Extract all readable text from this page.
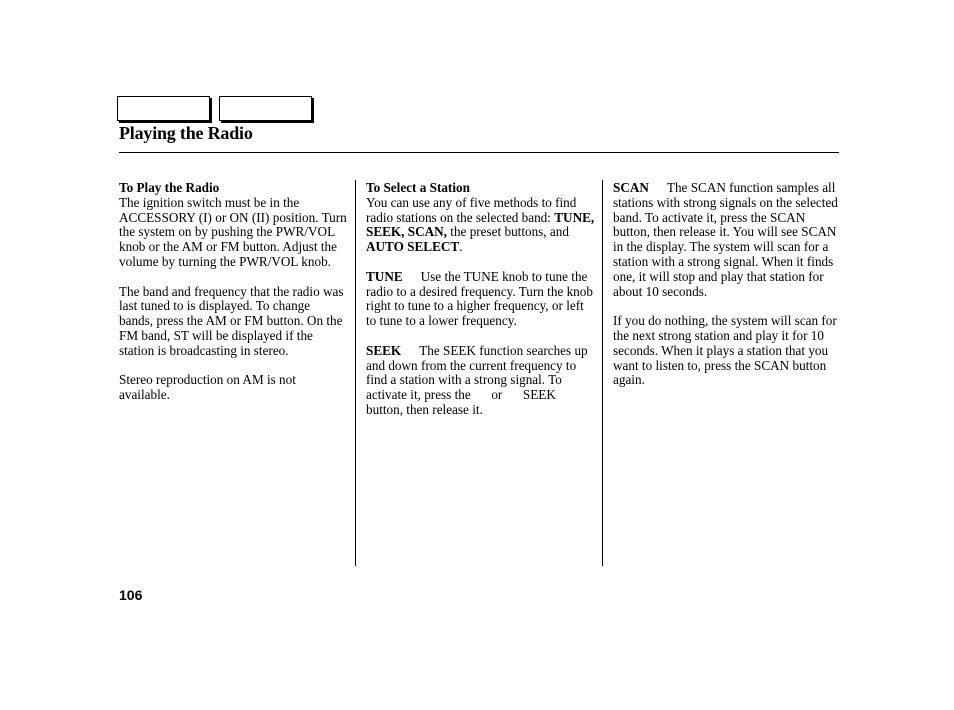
Playing the Radio

To Play the Radio
The ignition switch must be in the ACCESSORY (I) or ON (II) position. Turn the system on by pushing the PWR/VOL knob or the AM or FM button. Adjust the volume by turning the PWR/VOL knob.

The band and frequency that the radio was last tuned to is displayed. To change bands, press the AM or FM button. On the FM band, ST will be displayed if the station is broadcasting in stereo.

Stereo reproduction on AM is not available.

To Select a Station
You can use any of five methods to find radio stations on the selected band: TUNE, SEEK, SCAN, the preset buttons, and AUTO SELECT.

TUNE Use the TUNE knob to tune the radio to a desired frequency. Turn the knob right to tune to a higher frequency, or left to tune to a lower frequency.

SEEK The SEEK function searches up and down from the current frequency to find a station with a strong signal. To activate it, press the or SEEK button, then release it.

SCAN The SCAN function samples all stations with strong signals on the selected band. To activate it, press the SCAN button, then release it. You will see SCAN in the display. The system will scan for a station with a strong signal. When it finds one, it will stop and play that station for about 10 seconds.

If you do nothing, the system will scan for the next strong station and play it for 10 seconds. When it plays a station that you want to listen to, press the SCAN button again.

106
